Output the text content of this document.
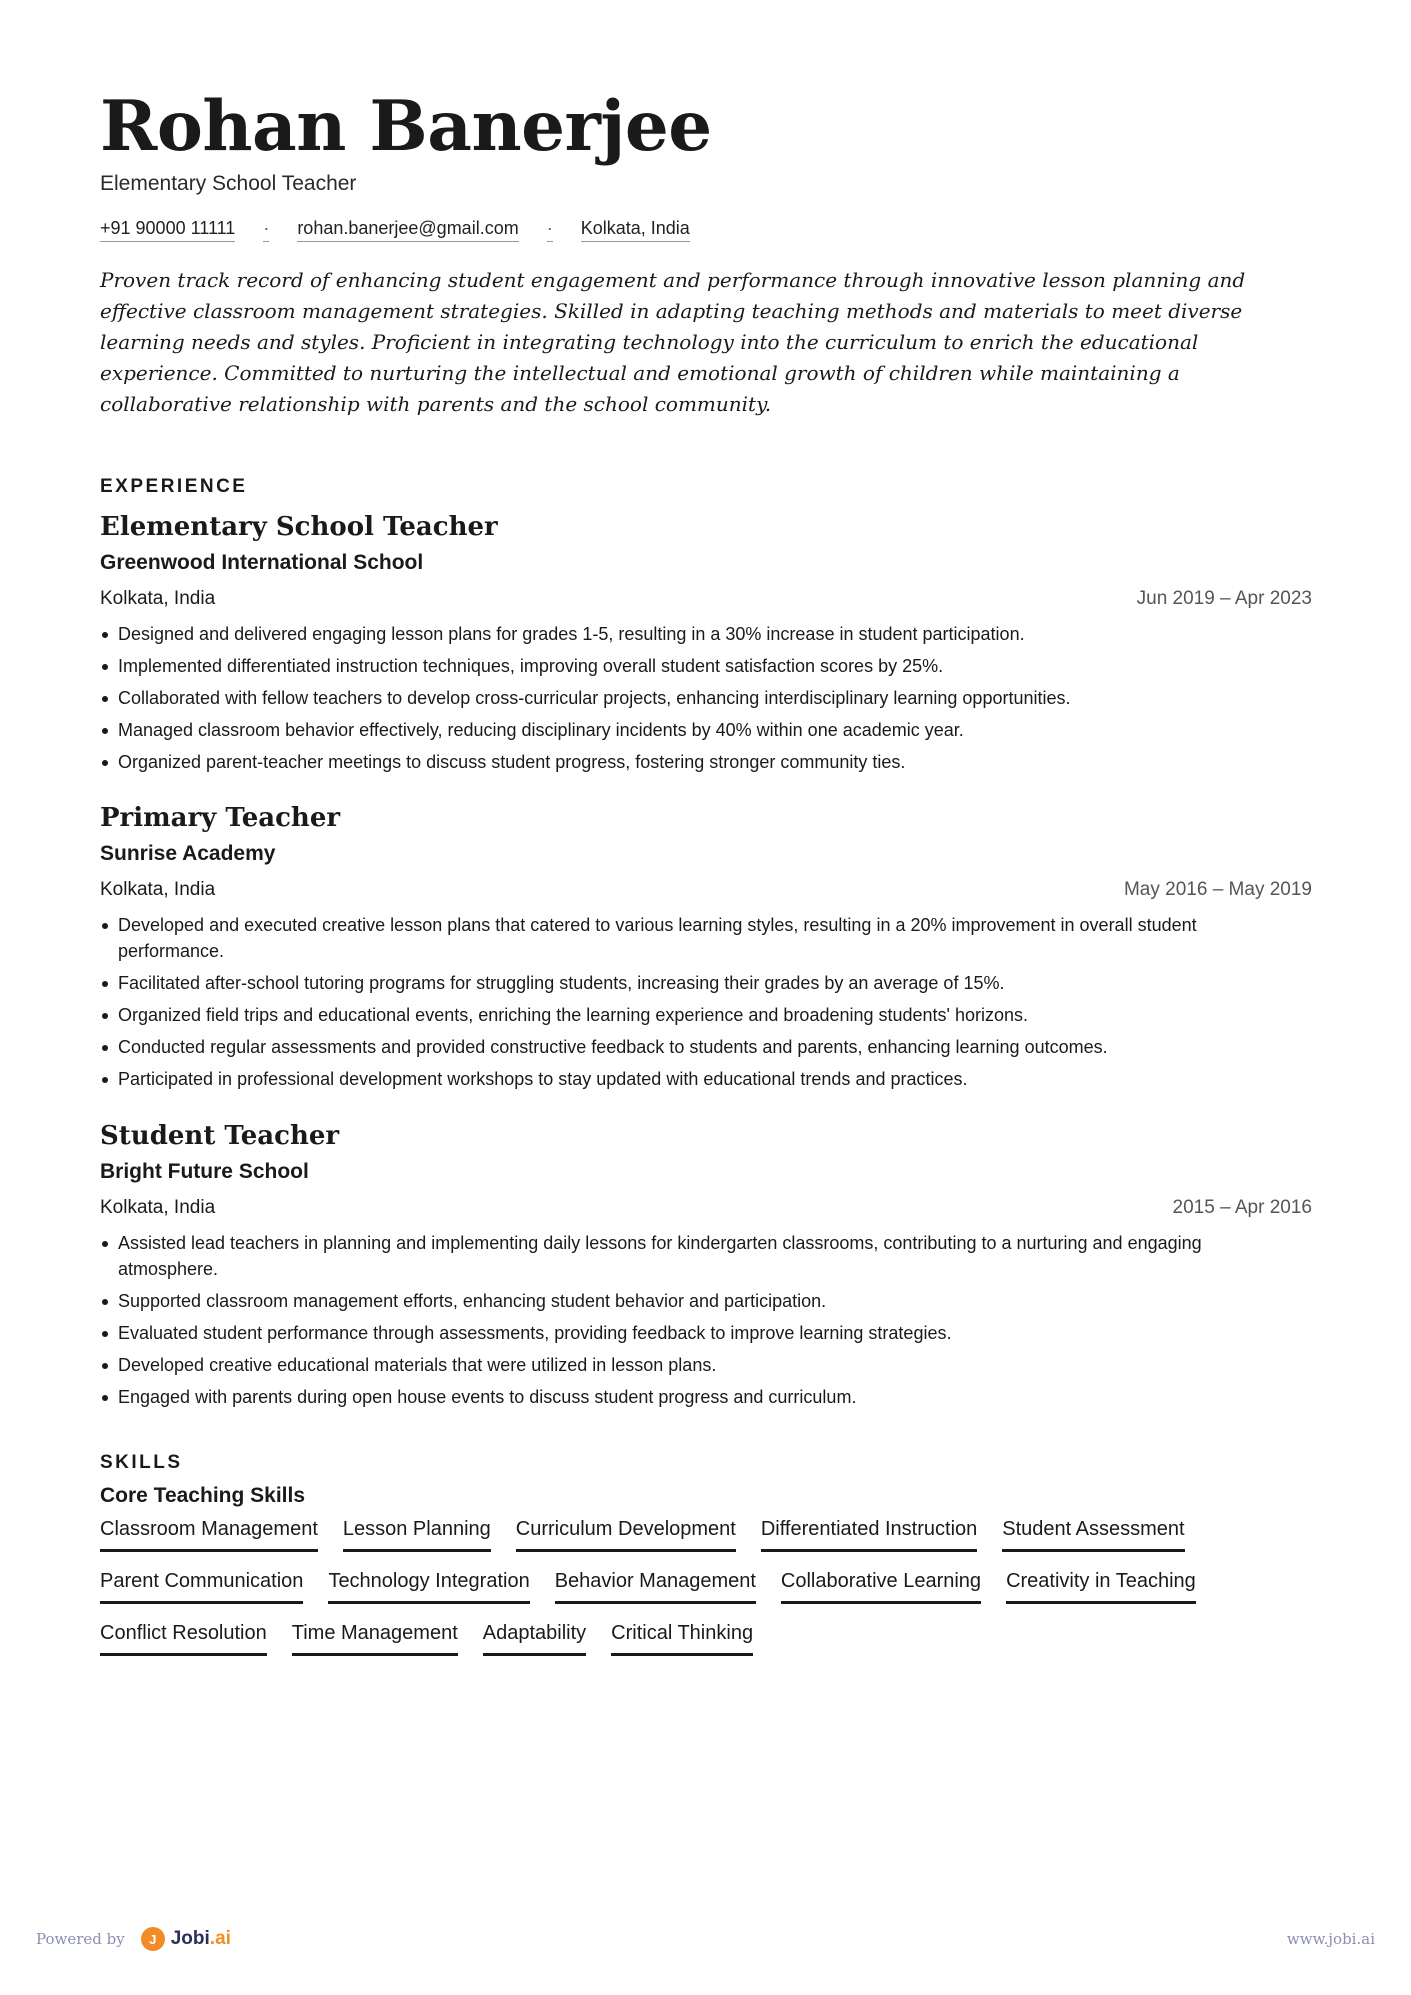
Rohan Banerjee
Elementary School Teacher
+91 90000 11111 · rohan.banerjee@gmail.com · Kolkata, India
Proven track record of enhancing student engagement and performance through innovative lesson planning and effective classroom management strategies. Skilled in adapting teaching methods and materials to meet diverse learning needs and styles. Proficient in integrating technology into the curriculum to enrich the educational experience. Committed to nurturing the intellectual and emotional growth of children while maintaining a collaborative relationship with parents and the school community.
EXPERIENCE
Elementary School Teacher
Greenwood International School
Kolkata, India	Jun 2019 – Apr 2023
Designed and delivered engaging lesson plans for grades 1-5, resulting in a 30% increase in student participation.
Implemented differentiated instruction techniques, improving overall student satisfaction scores by 25%.
Collaborated with fellow teachers to develop cross-curricular projects, enhancing interdisciplinary learning opportunities.
Managed classroom behavior effectively, reducing disciplinary incidents by 40% within one academic year.
Organized parent-teacher meetings to discuss student progress, fostering stronger community ties.
Primary Teacher
Sunrise Academy
Kolkata, India	May 2016 – May 2019
Developed and executed creative lesson plans that catered to various learning styles, resulting in a 20% improvement in overall student performance.
Facilitated after-school tutoring programs for struggling students, increasing their grades by an average of 15%.
Organized field trips and educational events, enriching the learning experience and broadening students' horizons.
Conducted regular assessments and provided constructive feedback to students and parents, enhancing learning outcomes.
Participated in professional development workshops to stay updated with educational trends and practices.
Student Teacher
Bright Future School
Kolkata, India	2015 – Apr 2016
Assisted lead teachers in planning and implementing daily lessons for kindergarten classrooms, contributing to a nurturing and engaging atmosphere.
Supported classroom management efforts, enhancing student behavior and participation.
Evaluated student performance through assessments, providing feedback to improve learning strategies.
Developed creative educational materials that were utilized in lesson plans.
Engaged with parents during open house events to discuss student progress and curriculum.
SKILLS
Core Teaching Skills
Classroom Management Lesson Planning Curriculum Development Differentiated Instruction Student Assessment
Parent Communication Technology Integration Behavior Management Collaborative Learning Creativity in Teaching
Conflict Resolution Time Management Adaptability Critical Thinking
Powered by	J Jobi.ai	www.jobi.ai
